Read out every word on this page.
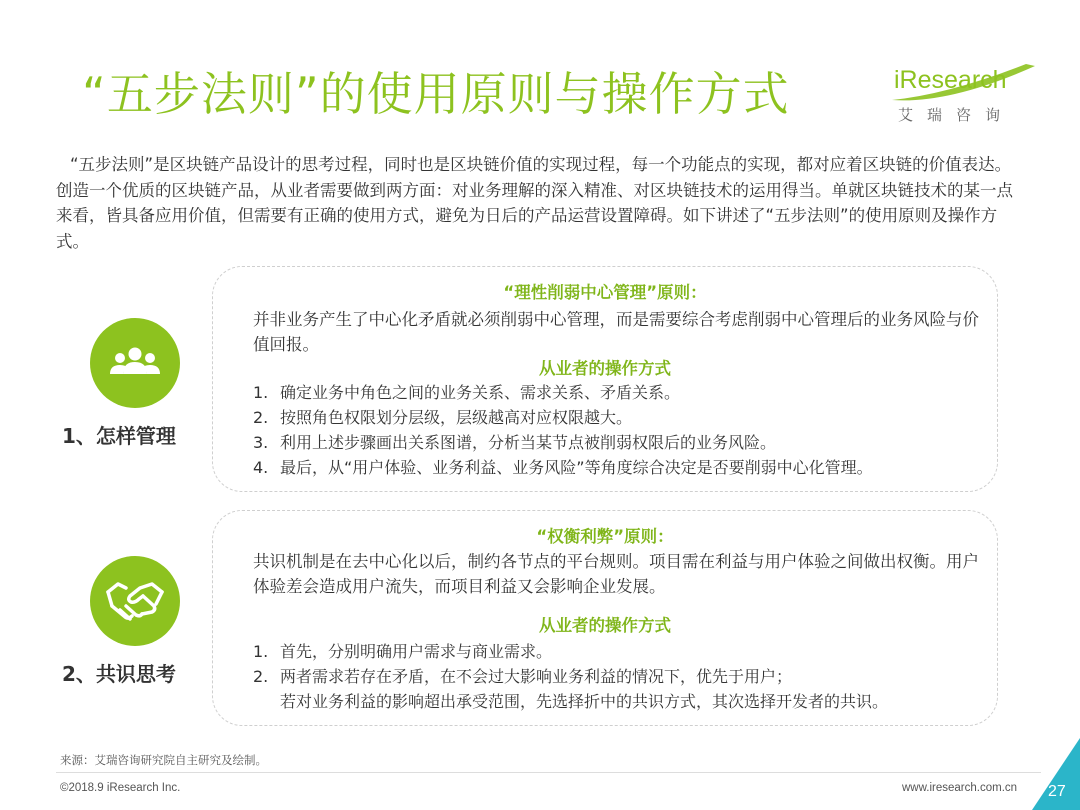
“五步法则”的使用原则与操作方式	iResearch
艾瑞咨询
“五步法则”是区块链产品设计的思考过程，同时也是区块链价值的实现过程，每一个功能点的实现，都对应着区块链的价值表达。创造一个优质的区块链产品，从业者需要做到两方面：对业务理解的深入精准、对区块链技术的运用得当。单就区块链技术的某一点来看，皆具备应用价值，但需要有正确的使用方式，避免为日后的产品运营设置障碍。如下讲述了“五步法则”的使用原则及操作方式。
1、怎样管理
“理性削弱中心管理”原则：
并非业务产生了中心化矛盾就必须削弱中心管理，而是需要综合考虑削弱中心管理后的业务风险与价值回报。
从业者的操作方式
1. 确定业务中角色之间的业务关系、需求关系、矛盾关系。
2. 按照角色权限划分层级，层级越高对应权限越大。
3. 利用上述步骤画出关系图谱，分析当某节点被削弱权限后的业务风险。
4. 最后，从“用户体验、业务利益、业务风险”等角度综合决定是否要削弱中心化管理。
2、共识思考
“权衡利弊”原则：
共识机制是在去中心化以后，制约各节点的平台规则。项目需在利益与用户体验之间做出权衡。用户体验差会造成用户流失，而项目利益又会影响企业发展。
从业者的操作方式
1. 首先，分别明确用户需求与商业需求。
2. 两者需求若存在矛盾，在不会过大影响业务利益的情况下，优先于用户；
若对业务利益的影响超出承受范围，先选择折中的共识方式，其次选择开发者的共识。
来源：艾瑞咨询研究院自主研究及绘制。
©2018.9 iResearch Inc.	www.iresearch.com.cn 27
